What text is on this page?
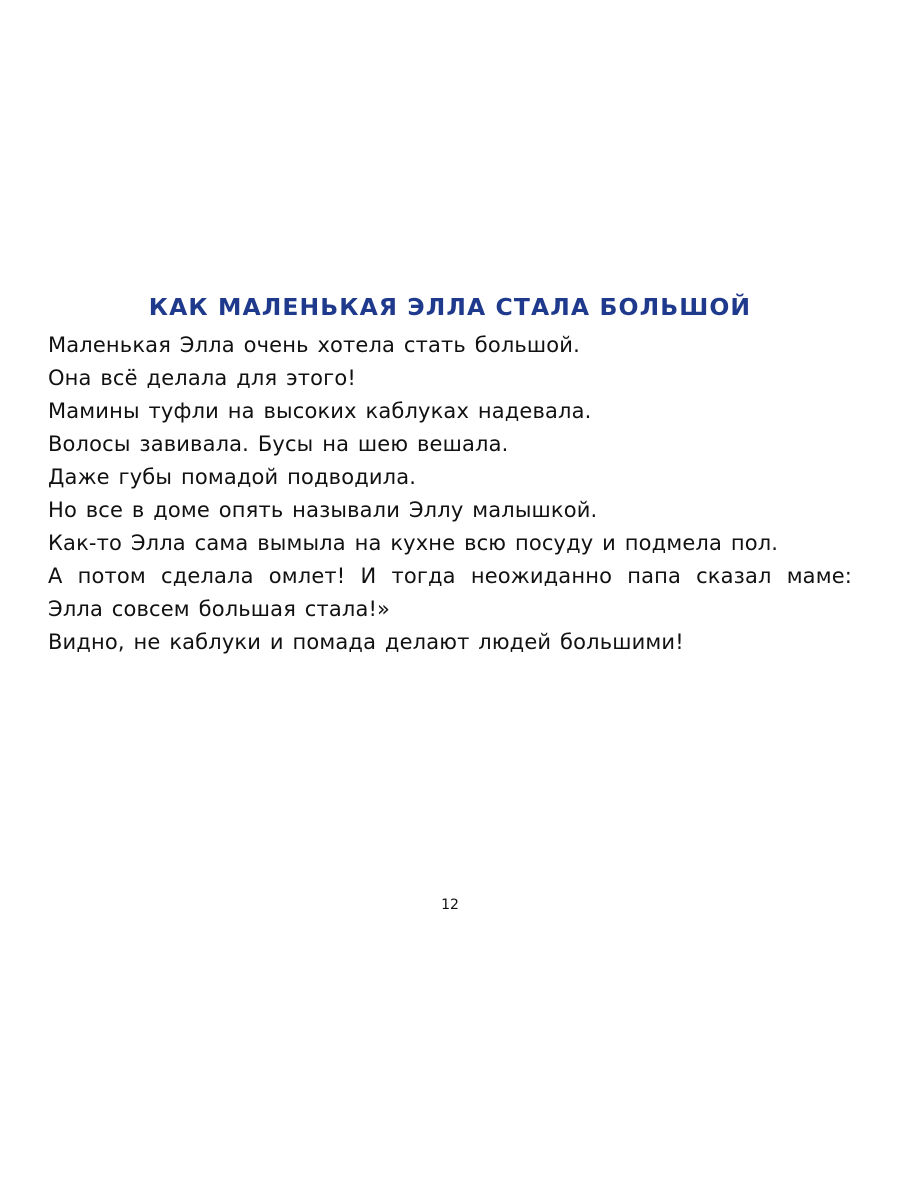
КАК МАЛЕНЬКАЯ ЭЛЛА СТАЛА БОЛЬШОЙ
Маленькая Элла очень хотела стать большой.
Она всё делала для этого!
Мамины туфли на высоких каблуках надевала.
Волосы завивала. Бусы на шею вешала.
Даже губы помадой подводила.
Но все в доме опять называли Эллу малышкой.
Как-то Элла сама вымыла на кухне всю посуду и подмела пол.
А потом сделала омлет! И тогда неожиданно папа сказал маме:
Элла совсем большая стала!»
Видно, не каблуки и помада делают людей большими!
12
